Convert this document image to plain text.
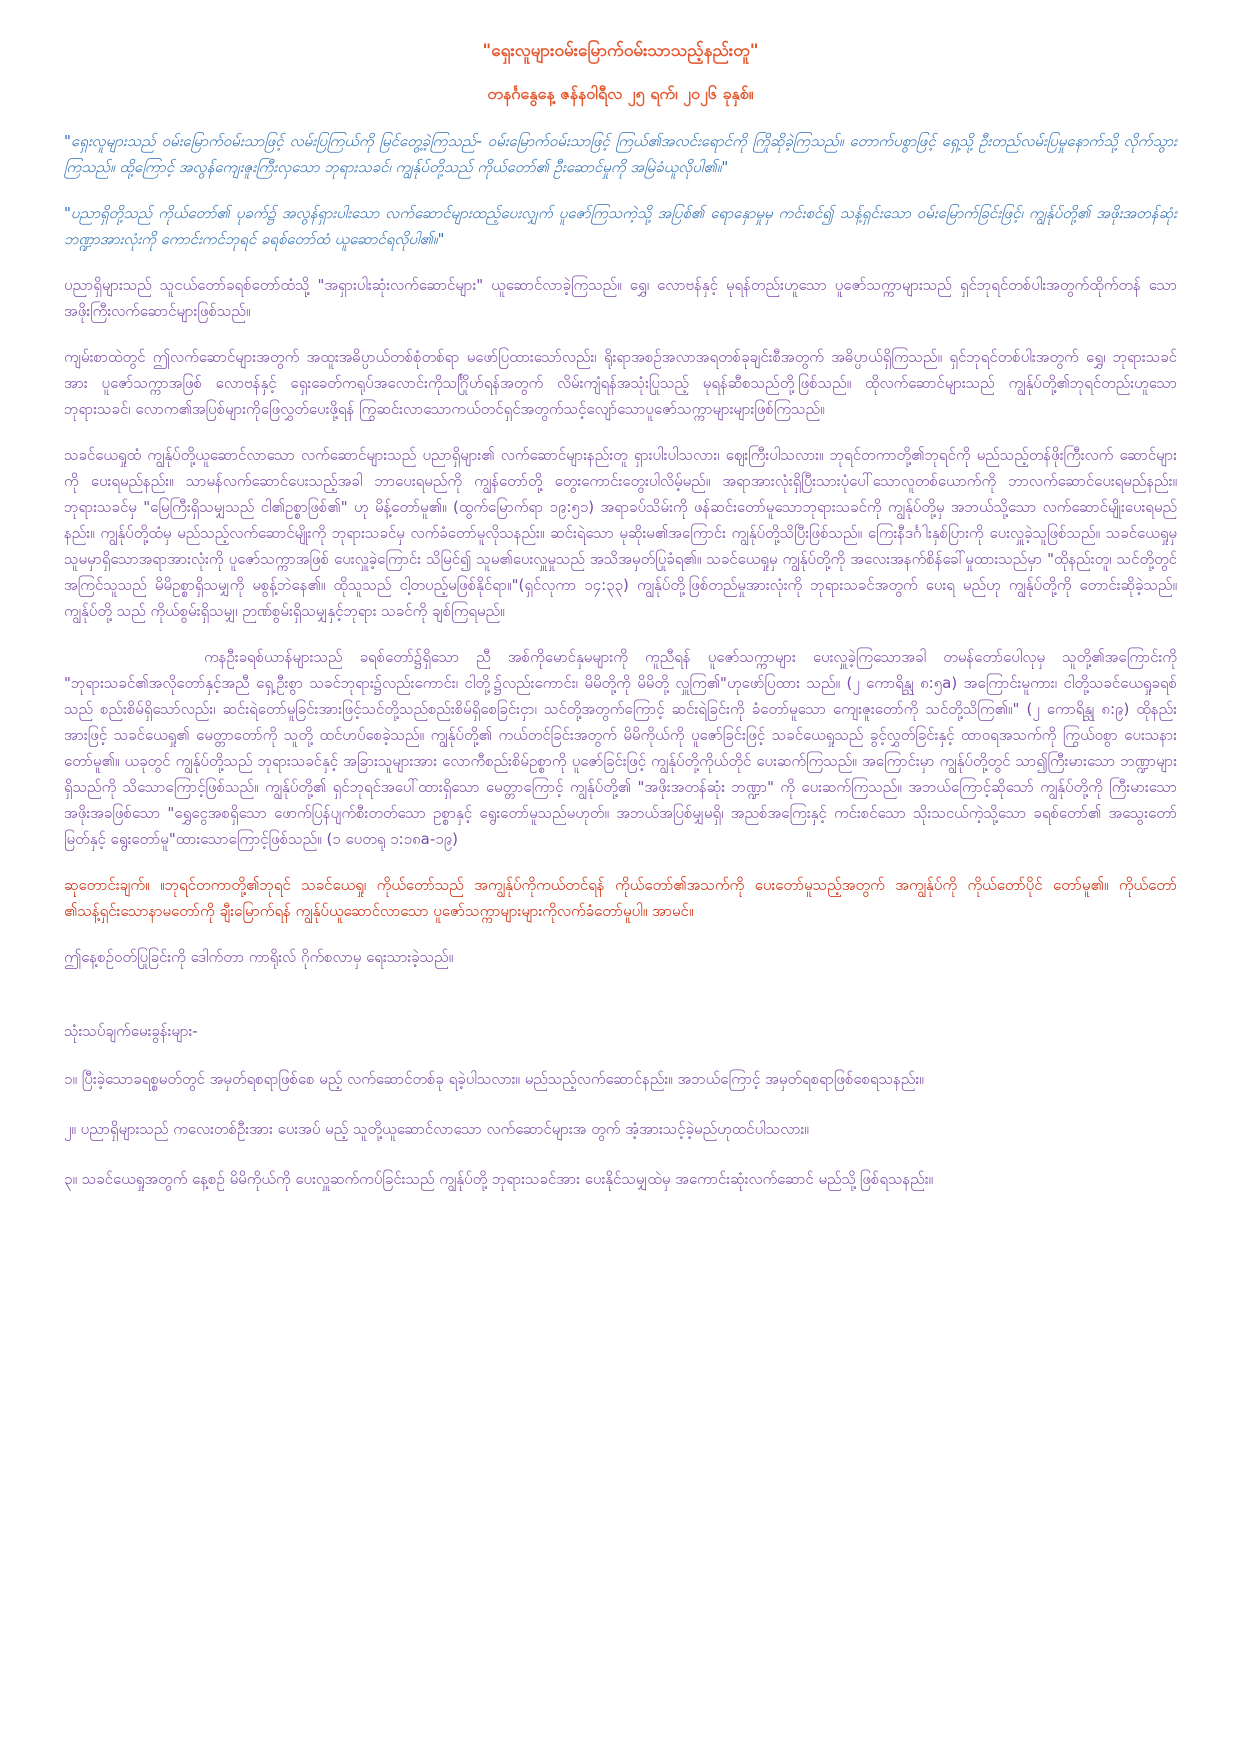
"ရှေးလူများဝမ်းမြောက်ဝမ်းသာသည့်နည်းတူ"
တနင်္ဂနွေနေ့ ဇန်နဝါရီလ ၂၅ ရက်၊ ၂၀၂၆ ခုနှစ်။

"ရှေးလူများသည် ဝမ်းမြောက်ဝမ်းသာဖြင့် လမ်းပြကြယ်ကို မြင်တွေ့ခဲ့ကြသည်- ဝမ်းမြောက်ဝမ်းသာဖြင့် ကြယ်၏အလင်းရောင်ကို ကြိုဆိုခဲ့ကြသည်။ တောက်ပစွာဖြင့် ရှေ့သို့ ဦးတည်လမ်းပြမှုနောက်သို့ လိုက်သွားကြသည်။ ထို့ကြောင့် အလွန်ကျေးဇူးကြီးလှသော ဘုရားသခင်၊ ကျွန်ုပ်တို့သည် ကိုယ်တော်၏ ဦးဆောင်မှုကို အမြဲခံယူလိုပါ၏။"

"ပညာရှိတို့သည် ကိုယ်တော်၏ ပုခက်၌ အလွန်ရှားပါးသော လက်ဆောင်များထည့်ပေးလျှက် ပူဇော်ကြသကဲ့သို့ အပြစ်၏ ရောနှောမှုမှ ကင်းစင်၍ သန့်ရှင်းသော ဝမ်းမြောက်ခြင်းဖြင့်၊ ကျွန်ုပ်တို့၏ အဖိုးအတန်ဆုံး ဘဏ္ဍာအားလုံးကို ကောင်းကင်ဘုရင် ခရစ်တော်ထံ ယူဆောင်ရလိုပါ၏။"

ပညာရှိများသည် သူငယ်တော်ခရစ်တော်ထံသို့ "အရှားပါးဆုံးလက်ဆောင်များ" ယူဆောင်လာခဲ့ကြသည်။ ရွှေ၊ လောဗန်နှင့် မုရန်တည်းဟူသော ပူဇော်သက္ကာများသည် ရှင်ဘုရင်တစ်ပါးအတွက်ထိုက်တန် သော အဖိုးကြီးလက်ဆောင်များဖြစ်သည်။

ကျမ်းစာထဲတွင် ဤလက်ဆောင်များအတွက် အထူးအဓိပ္ပာယ်တစ်စုံတစ်ရာ မဖော်ပြထားသော်လည်း၊ ရိုးရာအစဉ်အလာအရတစ်ခုချင်းစီအတွက် အဓိပ္ပာယ်ရှိကြသည်။ ရှင်ဘုရင်တစ်ပါးအတွက် ရွှေ၊ ဘုရားသခင်အား ပူဇော်သက္ကာအဖြစ် လောဗန်နှင့် ရှေးခေတ်ကရုပ်အလောင်းကိုသင်္ဂြိုဟ်ရန်အတွက် လိမ်းကျံရန်အသုံးပြုသည့် မုရန်ဆီစသည်တို့ဖြစ်သည်။ ထိုလက်ဆောင်များသည် ကျွန်ုပ်တို့၏ဘုရင်တည်းဟူသောဘုရားသခင်၊ လောက၏အပြစ်များကိုဖြေလွှတ်ပေးဖို့ရန် ကြွဆင်းလာသောကယ်တင်ရှင်အတွက်သင့်လျော်သောပူဇော်သက္ကာများများဖြစ်ကြသည်။

သခင်ယေရှုထံ ကျွန်ုပ်တို့ယူဆောင်လာသော လက်ဆောင်များသည် ပညာရှိများ၏ လက်ဆောင်များနည်းတူ ရှားပါးပါသလား၊ ဈေးကြီးပါသလား။ ဘုရင်တကာတို့၏ဘုရင်ကို မည်သည့်တန်ဖိုးကြီးလက် ဆောင်များကို ပေးရမည်နည်း။ သာမန်လက်ဆောင်ပေးသည့်အခါ ဘာပေးရမည်ကို ကျွန်တော်တို့ တွေးကောင်းတွေးပါလိမ့်မည်။ အရာအားလုံးရှိပြီးသားပုံပေါ်သောလူတစ်ယောက်ကို ဘာလက်ဆောင်ပေးရမည်နည်း။ ဘုရားသခင်မှ "မြေကြီးရှိသမျှသည် ငါ၏ဥစ္စာဖြစ်၏" ဟု မိန့်တော်မူ၏။ (ထွက်မြောက်ရာ ၁၉:၅၁) အရာခပ်သိမ်းကို ဖန်ဆင်းတော်မူသောဘုရားသခင်ကို ကျွန်ုပ်တို့မှ အဘယ်သို့သော လက်ဆောင်မျိုးပေးရမည်နည်း။ ကျွန်ုပ်တို့ထံမှ မည်သည့်လက်ဆောင်မျိုးကို ဘုရားသခင်မှ လက်ခံတော်မူလိုသနည်း။ ဆင်းရဲသော မုဆိုးမ၏အကြောင်း ကျွန်ုပ်တို့သိပြီးဖြစ်သည်။ ကြေးနီဒင်္ဂါးနှစ်ပြားကို ပေးလှူခဲ့သူဖြစ်သည်။ သခင်ယေရှုမှ သူမမှာရှိသောအရာအားလုံးကို ပူဇော်သက္ကာအဖြစ် ပေးလှူခဲ့ကြောင်း သိမြင်၍ သူမ၏ပေးလှူမှုသည် အသိအမှတ်ပြုခံရ၏။ သခင်ယေရှုမှ ကျွန်ုပ်တို့ကို အလေးအနက်စိန်ခေါ်မှုထားသည်မှာ "ထိုနည်းတူ၊ သင်တို့တွင် အကြင်သူသည် မိမိဥစ္စာရှိသမျှကို မစွန့်ဘဲနေ၏။ ထိုသူသည် ငါ့တပည့်မဖြစ်နိုင်ရာ။"(ရှင်လုကာ ၁၄:၃၃) ကျွန်ုပ်တို့ဖြစ်တည်မှုအားလုံးကို ဘုရားသခင်အတွက် ပေးရ မည်ဟု ကျွန်ုပ်တို့ကို တောင်းဆိုခဲ့သည်။ ကျွန်ုပ်တို့ သည် ကိုယ်စွမ်းရှိသမျှ၊ ဉာဏ်စွမ်းရှိသမျှနှင့်ဘုရား သခင်ကို ချစ်ကြရမည်။

ကနဦးခရစ်ယာန်များသည် ခရစ်တော်၌ရှိသော ညီ အစ်ကိုမောင်နှမများကို ကူညီရန် ပူဇော်သက္ကာများ ပေးလှူခဲ့ကြသောအခါ တမန်တော်ပေါလုမှ သူတို့၏အကြောင်းကို "ဘုရားသခင်၏အလိုတော်နှင့်အညီ ရှေ့ဦးစွာ သခင်ဘုရား၌လည်းကောင်း၊ ငါတို့၌လည်းကောင်း၊ မိမိတို့ကို မိမိတို့ လှူကြ၏"ဟုဖော်ပြထား သည်။ (၂ ကောရိန္သု ၈:၅a) အကြောင်းမူကား၊ ငါတို့သခင်ယေရှုခရစ်သည် စည်းစိမ်ရှိသော်လည်း၊ ဆင်းရဲတော်မူခြင်းအားဖြင့်သင်တို့သည်စည်းစိမ်ရှိစေခြင်းငှာ၊ သင်တို့အတွက်ကြောင့် ဆင်းရဲခြင်းကို ခံတော်မူသော ကျေးဇူးတော်ကို သင်တို့သိကြ၏။" (၂ ကောရိန္သု ၈:၉) ထိုနည်းအားဖြင့် သခင်ယေရှု၏ မေတ္တာတော်ကို သူတို့ ထင်ဟပ်စေခဲ့သည်။ ကျွန်ုပ်တို့၏ ကယ်တင်ခြင်းအတွက် မိမိကိုယ်ကို ပူဇော်ခြင်းဖြင့် သခင်ယေရှုသည် ခွင့်လွှတ်ခြင်းနှင့် ထာဝရအသက်ကို ကြွယ်ဝစွာ ပေးသနားတော်မူ၏။ ယခုတွင် ကျွန်ုပ်တို့သည် ဘုရားသခင်နှင့် အခြားသူများအား လောကီစည်းစိမ်ဥစ္စာကို ပူဇော်ခြင်းဖြင့် ကျွန်ုပ်တို့ကိုယ်တိုင် ပေးဆက်ကြသည်။ အကြောင်းမှာ ကျွန်ုပ်တို့တွင် သာ၍ကြီးမားသော ဘဏ္ဍာများရှိသည်ကို သိသောကြောင့်ဖြစ်သည်။ ကျွန်ုပ်တို့၏ ရှင်ဘုရင်အပေါ်ထားရှိသော မေတ္တာကြောင့် ကျွန်ုပ်တို့၏ "အဖိုးအတန်ဆုံး ဘဏ္ဍာ" ကို ပေးဆက်ကြသည်။ အဘယ်ကြောင့်ဆိုသော် ကျွန်ုပ်တို့ကို ကြီးမားသောအဖိုးအခဖြစ်သော "ရွှေငွေအစရှိသော ဖောက်ပြန်ပျက်စီးတတ်သော ဥစ္စာနှင့် ရွေးတော်မူသည်မဟုတ်။ အဘယ်အပြစ်မျှမရှိ၊ အညစ်အကြေးနှင့် ကင်းစင်သော သိုးသငယ်ကဲ့သို့သော ခရစ်တော်၏ အသွေးတော်မြတ်နှင့် ရွေးတော်မူ"ထားသောကြောင့်ဖြစ်သည်။ (၁ ပေတရု ၁:၁၈a-၁၉)

ဆုတောင်းချက်။ ။ဘုရင်တကာတို့၏ဘုရင် သခင်ယေရှု၊ ကိုယ်တော်သည် အကျွန်ုပ်ကိုကယ်တင်ရန် ကိုယ်တော်၏အသက်ကို ပေးတော်မူသည့်အတွက် အကျွန်ုပ်ကို ကိုယ်တော်ပိုင် တော်မူ၏။ ကိုယ်တော် ၏သန့်ရှင်းသောနာမတော်ကို ချီးမြောက်ရန် ကျွန်ုပ်ယူဆောင်လာသော ပူဇော်သက္ကာများများကိုလက်ခံတော်မူပါ။ အာမင်။

ဤနေ့စဉ်ဝတ်ပြုခြင်းကို ဒေါက်တာ ကာရိုးလ် ဂိုက်စလာမှ ရေးသားခဲ့သည်။

သုံးသပ်ချက်မေးခွန်းများ-

၁။ ပြီးခဲ့သောခရစ္စမတ်တွင် အမှတ်ရစရာဖြစ်စေ မည့် လက်ဆောင်တစ်ခု ရခဲ့ပါသလား။ မည်သည့်လက်ဆောင်နည်း။ အဘယ်ကြောင့် အမှတ်ရစရာဖြစ်စေရသနည်း။

၂။ ပညာရှိများသည် ကလေးတစ်ဦးအား ပေးအပ် မည့် သူတို့ယူဆောင်လာသော လက်ဆောင်များအ တွက် အံ့အားသင့်ခဲ့မည်ဟုထင်ပါသလား။

၃။ သခင်ယေရှုအတွက် နေ့စဉ် မိမိကိုယ်ကို ပေးလှူဆက်ကပ်ခြင်းသည် ကျွန်ုပ်တို့ ဘုရားသခင်အား ပေးနိုင်သမျှထဲမှ အကောင်းဆုံးလက်ဆောင် မည်သို့ဖြစ်ရသနည်း။
